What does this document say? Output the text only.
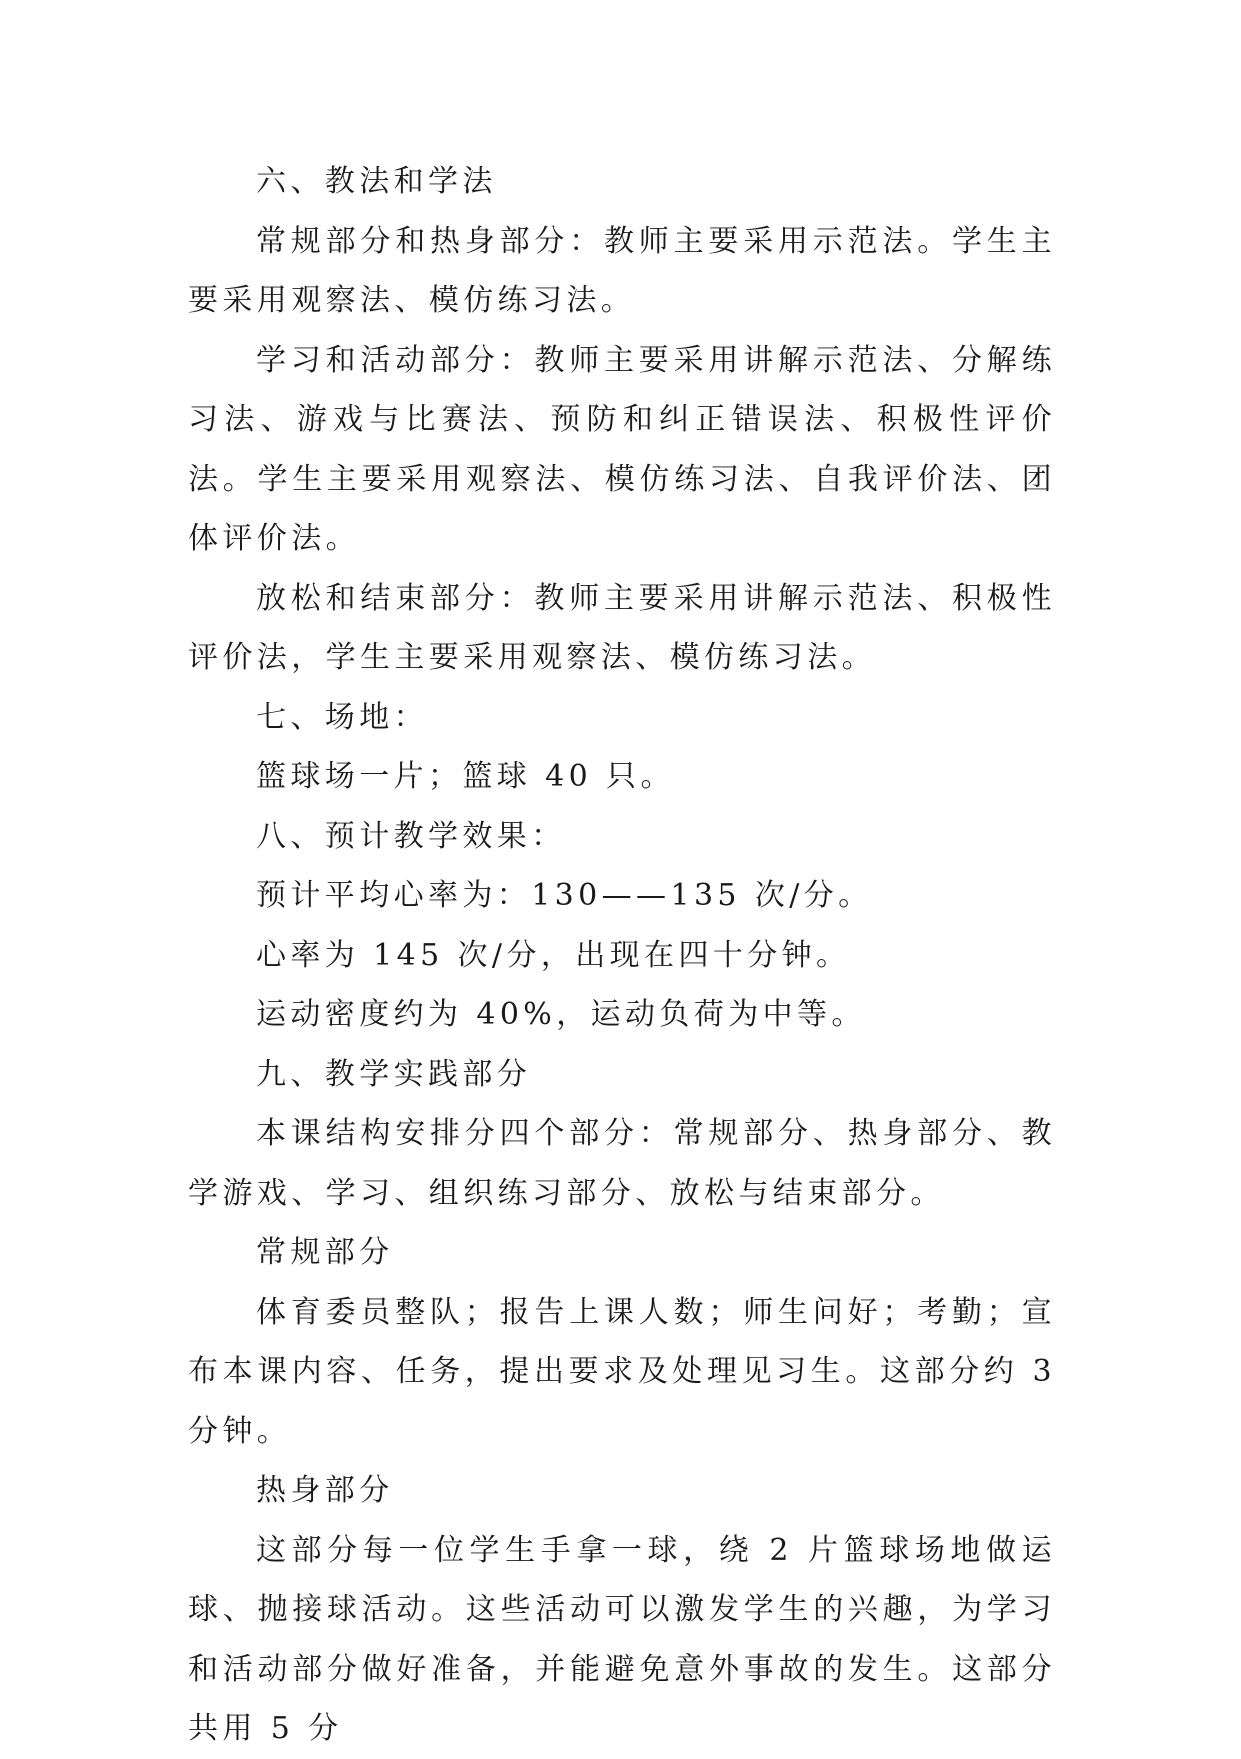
六、教法和学法

常规部分和热身部分：教师主要采用示范法。学生主要采用观察法、模仿练习法。

学习和活动部分：教师主要采用讲解示范法、分解练习法、游戏与比赛法、预防和纠正错误法、积极性评价法。学生主要采用观察法、模仿练习法、自我评价法、团体评价法。

放松和结束部分：教师主要采用讲解示范法、积极性评价法，学生主要采用观察法、模仿练习法。

七、场地：

篮球场一片；篮球 40 只。

八、预计教学效果：

预计平均心率为：130——135 次/分。

心率为 145 次/分，出现在四十分钟。

运动密度约为 40%，运动负荷为中等。

九、教学实践部分

本课结构安排分四个部分：常规部分、热身部分、教学游戏、学习、组织练习部分、放松与结束部分。

常规部分

体育委员整队；报告上课人数；师生问好；考勤；宣布本课内容、任务，提出要求及处理见习生。这部分约 3 分钟。

热身部分

这部分每一位学生手拿一球，绕 2 片篮球场地做运球、抛接球活动。这些活动可以激发学生的兴趣，为学习和活动部分做好准备，并能避免意外事故的发生。这部分共用 5 分
